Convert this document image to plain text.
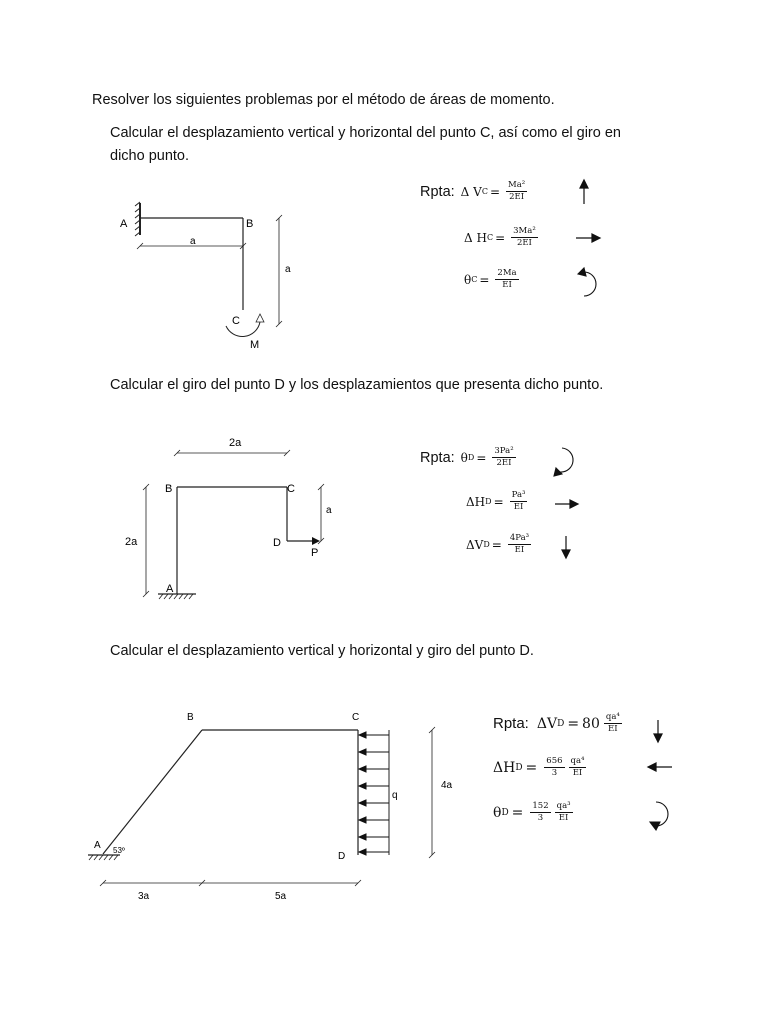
Resolver los siguientes problemas por el método de áreas de momento.
Calcular el desplazamiento vertical y horizontal del punto C, así como el giro en
dicho punto.
A	B
C
M
a
a
2a
2a
a
B	C
D
P
A
B	C
D
A 53º
q
4a
3a	5a
Rpta: Δ V $C = \frac{\text{Ma²}}{2EI}$
Δ H $C = \frac{\text{3Ma²}}{2EI}$
θ $C = \frac{2Ma}{EI}$
Calcular el giro del punto D y los desplazamientos que presenta dicho punto.
Rpta: θ $D = \frac{\text{3Pa²}}{2EI}$
ΔH $D = \frac{\text{Pa³}}{EI}$
ΔV $D = \frac{\text{4Pa³}}{EI}$
Calcular el desplazamiento vertical y horizontal y giro del punto D.
Rpta: ΔV $D = 80 \frac{\text{qa⁴}}{EI}$
ΔH $D = \frac{656}{3} \frac{\text{qa⁴}}{EI}$
θ $D = \frac{152}{3} \frac{\text{qa³}}{EI}$
